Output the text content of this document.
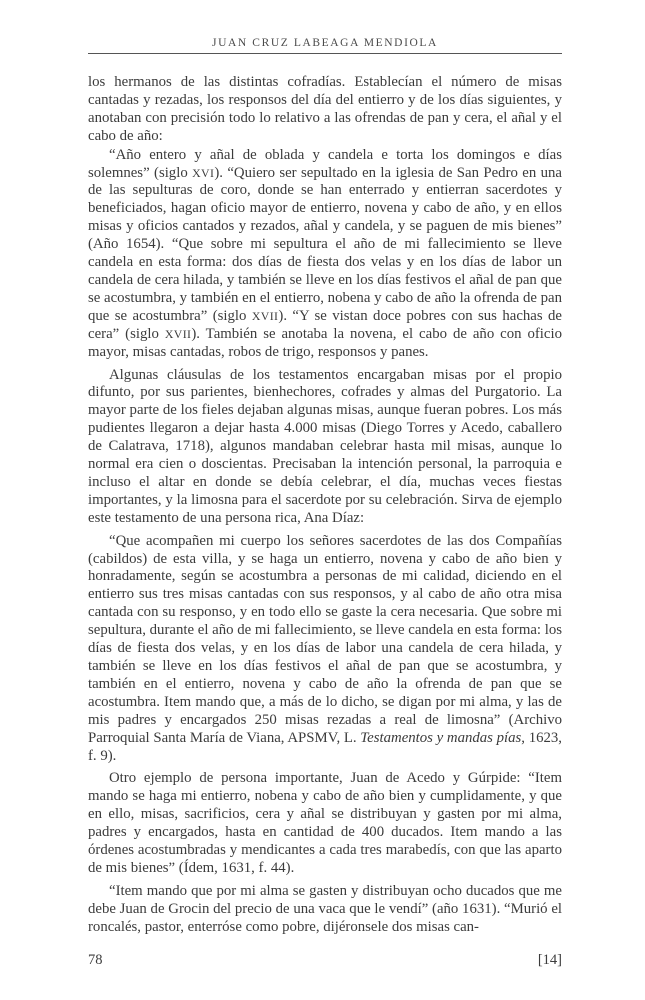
JUAN CRUZ LABEAGA MENDIOLA

los hermanos de las distintas cofradías. Establecían el número de misas cantadas y rezadas, los responsos del día del entierro y de los días siguientes, y anotaban con precisión todo lo relativo a las ofrendas de pan y cera, el añal y el cabo de año:

“Año entero y añal de oblada y candela e torta los domingos e días solemnes” (siglo XVI). “Quiero ser sepultado en la iglesia de San Pedro en una de las sepulturas de coro, donde se han enterrado y entierran sacerdotes y beneficiados, hagan oficio mayor de entierro, novena y cabo de año, y en ellos misas y oficios cantados y rezados, añal y candela, y se paguen de mis bienes” (Año 1654). “Que sobre mi sepultura el año de mi fallecimiento se lleve candela en esta forma: dos días de fiesta dos velas y en los días de labor un candela de cera hilada, y también se lleve en los días festivos el añal de pan que se acostumbra, y también en el entierro, nobena y cabo de año la ofrenda de pan que se acostumbra” (siglo XVII). “Y se vistan doce pobres con sus hachas de cera” (siglo XVII). También se anotaba la novena, el cabo de año con oficio mayor, misas cantadas, robos de trigo, responsos y panes.

Algunas cláusulas de los testamentos encargaban misas por el propio difunto, por sus parientes, bienhechores, cofrades y almas del Purgatorio. La mayor parte de los fieles dejaban algunas misas, aunque fueran pobres. Los más pudientes llegaron a dejar hasta 4.000 misas (Diego Torres y Acedo, caballero de Calatrava, 1718), algunos mandaban celebrar hasta mil misas, aunque lo normal era cien o doscientas. Precisaban la intención personal, la parroquia e incluso el altar en donde se debía celebrar, el día, muchas veces fiestas importantes, y la limosna para el sacerdote por su celebración. Sirva de ejemplo este testamento de una persona rica, Ana Díaz:

“Que acompañen mi cuerpo los señores sacerdotes de las dos Compañías (cabildos) de esta villa, y se haga un entierro, novena y cabo de año bien y honradamente, según se acostumbra a personas de mi calidad, diciendo en el entierro sus tres misas cantadas con sus responsos, y al cabo de año otra misa cantada con su responso, y en todo ello se gaste la cera necesaria. Que sobre mi sepultura, durante el año de mi fallecimiento, se lleve candela en esta forma: los días de fiesta dos velas, y en los días de labor una candela de cera hilada, y también se lleve en los días festivos el añal de pan que se acostumbra, y también en el entierro, novena y cabo de año la ofrenda de pan que se acostumbra. Item mando que, a más de lo dicho, se digan por mi alma, y las de mis padres y encargados 250 misas rezadas a real de limosna” (Archivo Parroquial Santa María de Viana, APSMV, L. Testamentos y mandas pías, 1623, f. 9).

Otro ejemplo de persona importante, Juan de Acedo y Gúrpide: “Item mando se haga mi entierro, nobena y cabo de año bien y cumplidamente, y que en ello, misas, sacrificios, cera y añal se distribuyan y gasten por mi alma, padres y encargados, hasta en cantidad de 400 ducados. Item mando a las órdenes acostumbradas y mendicantes a cada tres marabedís, con que las aparto de mis bienes” (Ídem, 1631, f. 44).

“Item mando que por mi alma se gasten y distribuyan ocho ducados que me debe Juan de Grocin del precio de una vaca que le vendí” (año 1631). “Murió el roncalés, pastor, enterróse como pobre, dijéronsele dos misas can-

78	[14]
